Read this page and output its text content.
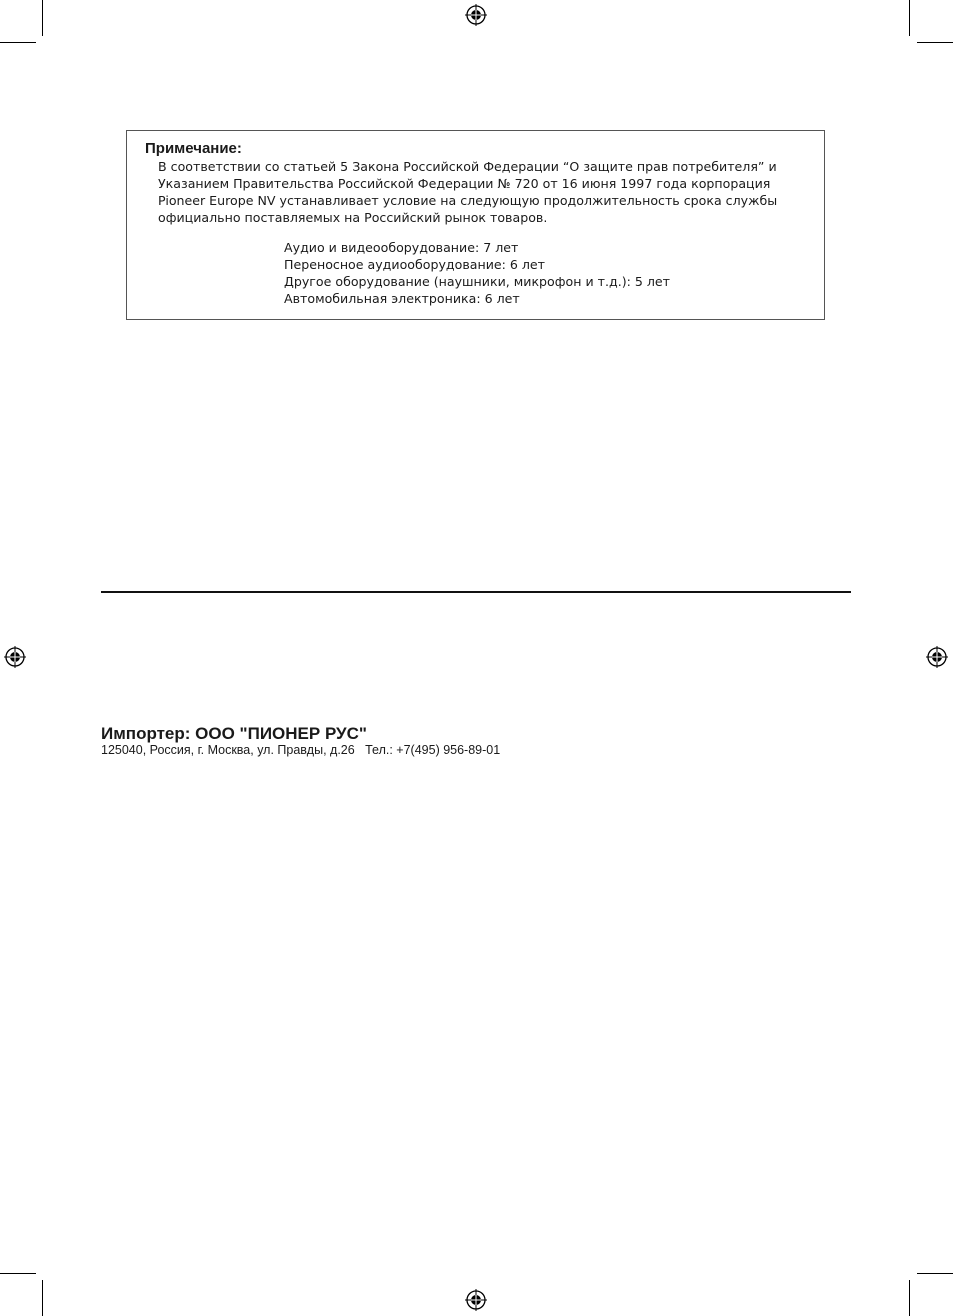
Примечание:

В соответствии со статьей 5 Закона Российской Федерации “О защите прав потребителя” и
Указанием Правительства Российской Федерации № 720 от 16 июня 1997 года корпорация
Pioneer Europe NV устанавливает условие на следующую продолжительность срока службы
официально поставляемых на Российский рынок товаров.

Аудио и видеооборудование: 7 лет
Переносное аудиооборудование: 6 лет
Другое оборудование (наушники, микрофон и т.д.): 5 лет
Автомобильная электроника: 6 лет
Импортер: ООО "ПИОНЕР РУС"
125040, Россия, г. Москва, ул. Правды, д.26   Тел.: +7(495) 956-89-01
